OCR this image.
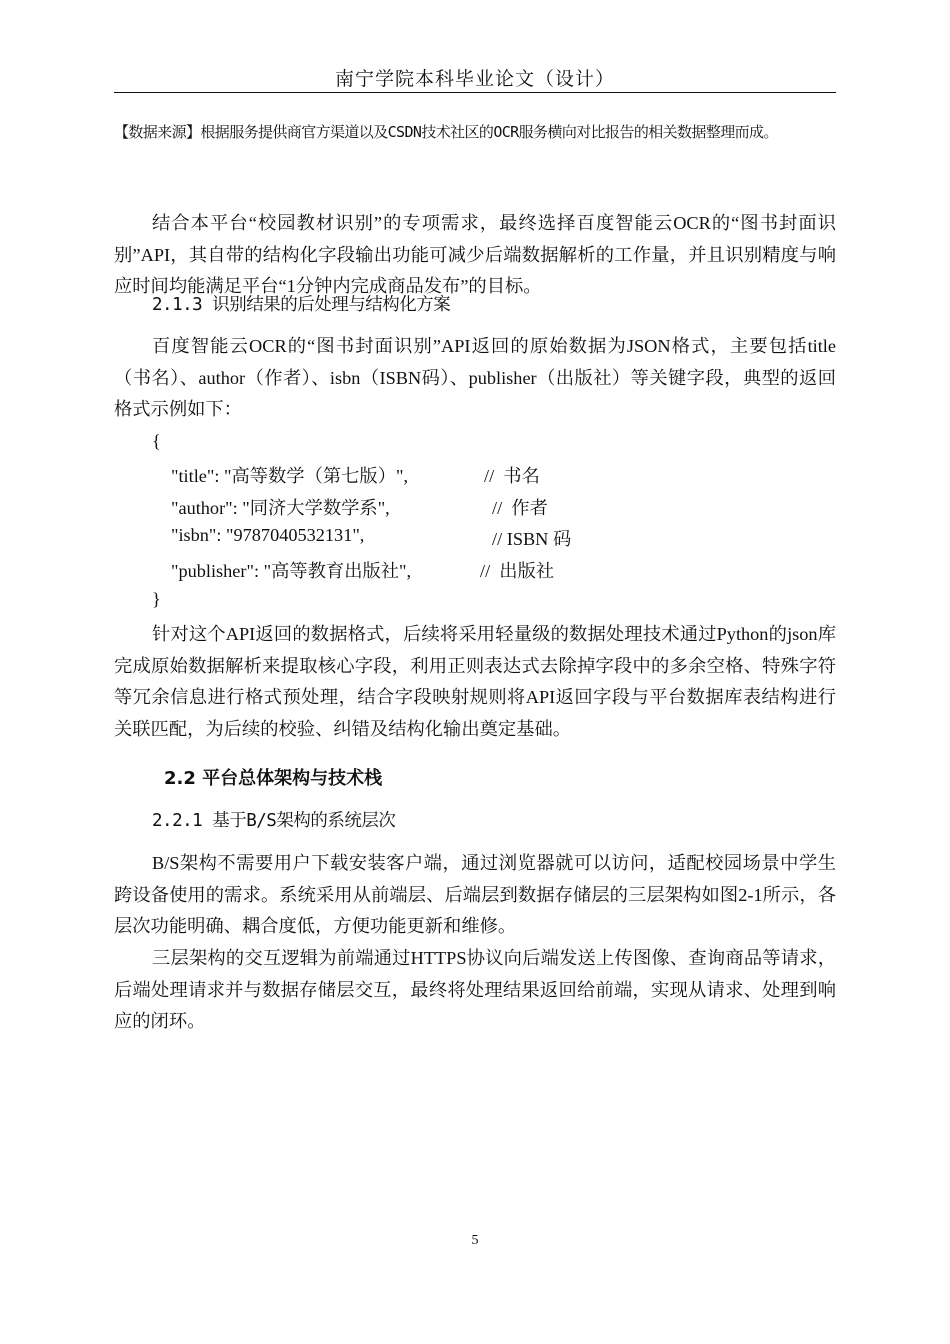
南宁学院本科毕业论文（设计）
【数据来源】根据服务提供商官方渠道以及CSDN技术社区的OCR服务横向对比报告的相关数据整理而成。
结合本平台“校园教材识别”的专项需求，最终选择百度智能云OCR的“图书封面识别”API，其自带的结构化字段输出功能可减少后端数据解析的工作量，并且识别精度与响应时间均能满足平台“1分钟内完成商品发布”的目标。
2.1.3 识别结果的后处理与结构化方案
百度智能云OCR的“图书封面识别”API返回的原始数据为JSON格式，主要包括title（书名）、author（作者）、isbn（ISBN码）、publisher（出版社）等关键字段，典型的返回格式示例如下：
{
"title": "高等数学（第七版）",	//  书名
"author": "同济大学数学系",	//  作者
"isbn": "9787040532131",	// ISBN 码
"publisher": "高等教育出版社",	//  出版社
}
针对这个API返回的数据格式，后续将采用轻量级的数据处理技术通过Python的json库完成原始数据解析来提取核心字段，利用正则表达式去除掉字段中的多余空格、特殊字符等冗余信息进行格式预处理，结合字段映射规则将API返回字段与平台数据库表结构进行关联匹配，为后续的校验、纠错及结构化输出奠定基础。
2.2 平台总体架构与技术栈
2.2.1 基于B/S架构的系统层次
B/S架构不需要用户下载安装客户端，通过浏览器就可以访问，适配校园场景中学生跨设备使用的需求。系统采用从前端层、后端层到数据存储层的三层架构如图2-1所示，各层次功能明确、耦合度低，方便功能更新和维修。
三层架构的交互逻辑为前端通过HTTPS协议向后端发送上传图像、查询商品等请求，后端处理请求并与数据存储层交互，最终将处理结果返回给前端，实现从请求、处理到响应的闭环。
5
